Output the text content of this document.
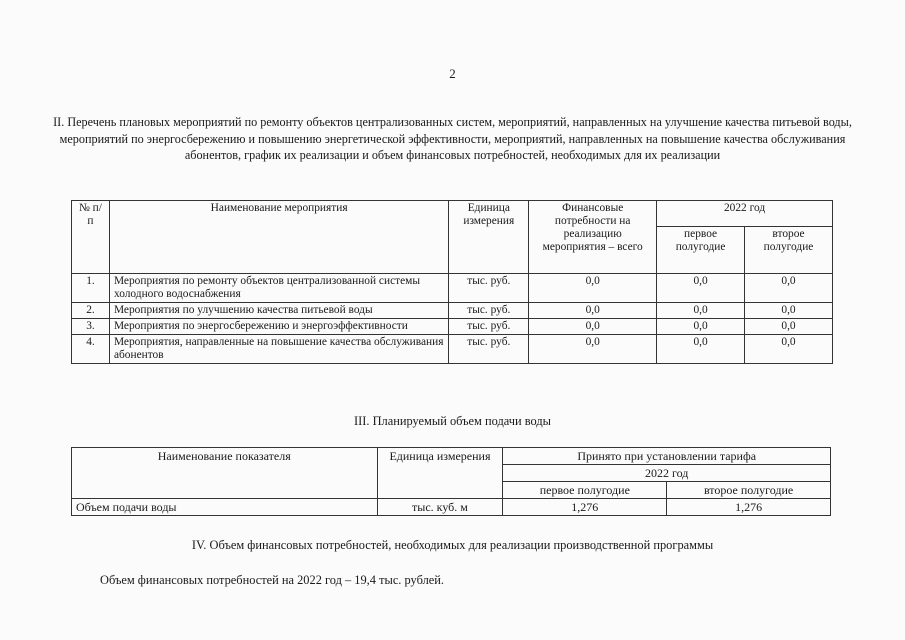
2
II. Перечень плановых мероприятий по ремонту объектов централизованных систем, мероприятий, направленных на улучшение качества питьевой воды, мероприятий по энергосбережению и повышению энергетической эффективности, мероприятий, направленных на повышение качества обслуживания абонентов, график их реализации и объем финансовых потребностей, необходимых для их реализации
№ п/п	Наименование мероприятия	Единица измерения	Финансовые потребности на реализацию мероприятия – всего	2022 год	
				первое полугодие	второе полугодие
1.	Мероприятия по ремонту объектов централизованной системы холодного водоснабжения	тыс. руб.	0,0	0,0	0,0
2.	Мероприятия по улучшению качества питьевой воды	тыс. руб.	0,0	0,0	0,0
3.	Мероприятия по энергосбережению и энергоэффективности	тыс. руб.	0,0	0,0	0,0
4.	Мероприятия, направленные на повышение качества обслуживания абонентов	тыс. руб.	0,0	0,0	0,0
III. Планируемый объем подачи воды
Наименование показателя	Единица измерения	Принято при установлении тарифа	
		2022 год	
		первое полугодие	второе полугодие
Объем подачи воды	тыс. куб. м	1,276	1,276
IV. Объем финансовых потребностей, необходимых для реализации производственной программы
Объем финансовых потребностей на 2022 год – 19,4 тыс. рублей.
